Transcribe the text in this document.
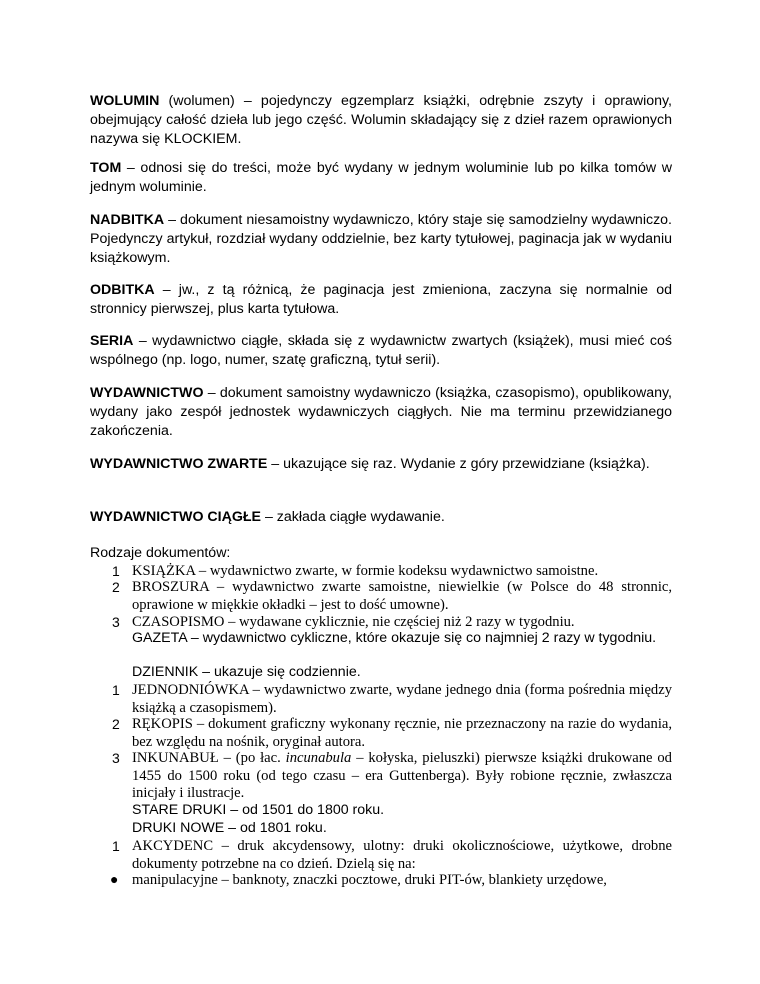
WOLUMIN (wolumen) – pojedynczy egzemplarz książki, odrębnie zszyty i oprawiony, obejmujący całość dzieła lub jego część. Wolumin składający się z dzieł razem oprawionych nazywa się KLOCKIEM.

TOM – odnosi się do treści, może być wydany w jednym woluminie lub po kilka tomów w jednym woluminie.

NADBITKA – dokument niesamoistny wydawniczo, który staje się samodzielny wydawniczo. Pojedynczy artykuł, rozdział wydany oddzielnie, bez karty tytułowej, paginacja jak w wydaniu książkowym.

ODBITKA – jw., z tą różnicą, że paginacja jest zmieniona, zaczyna się normalnie od stronnicy pierwszej, plus karta tytułowa.

SERIA – wydawnictwo ciągłe, składa się z wydawnictw zwartych (książek), musi mieć coś wspólnego (np. logo, numer, szatę graficzną, tytuł serii).

WYDAWNICTWO – dokument samoistny wydawniczo (książka, czasopismo), opublikowany, wydany jako zespół jednostek wydawniczych ciągłych. Nie ma terminu przewidzianego zakończenia.

WYDAWNICTWO ZWARTE – ukazujące się raz. Wydanie z góry przewidziane (książka).

WYDAWNICTWO CIĄGŁE – zakłada ciągłe wydawanie.

Rodzaje dokumentów:

1 KSIĄŻKA – wydawnictwo zwarte, w formie kodeksu wydawnictwo samoistne.

2 BROSZURA – wydawnictwo zwarte samoistne, niewielkie (w Polsce do 48 stronnic, oprawione w miękkie okładki – jest to dość umowne).

3 CZASOPISMO – wydawane cyklicznie, nie częściej niż 2 razy w tygodniu.

GAZETA – wydawnictwo cykliczne, które okazuje się co najmniej 2 razy w tygodniu.

DZIENNIK – ukazuje się codziennie.

1 JEDNODNIÓWKA – wydawnictwo zwarte, wydane jednego dnia (forma pośrednia między książką a czasopismem).

2 RĘKOPIS – dokument graficzny wykonany ręcznie, nie przeznaczony na razie do wydania, bez względu na nośnik, oryginał autora.

3 INKUNABUŁ – (po łac. incunabula – kołyska, pieluszki) pierwsze książki drukowane od 1455 do 1500 roku (od tego czasu – era Guttenberga). Były robione ręcznie, zwłaszcza inicjały i ilustracje.

STARE DRUKI – od 1501 do 1800 roku.

DRUKI NOWE – od 1801 roku.

1 AKCYDENC – druk akcydensowy, ulotny: druki okolicznościowe, użytkowe, drobne dokumenty potrzebne na co dzień. Dzielą się na:

● manipulacyjne – banknoty, znaczki pocztowe, druki PIT-ów, blankiety urzędowe,
